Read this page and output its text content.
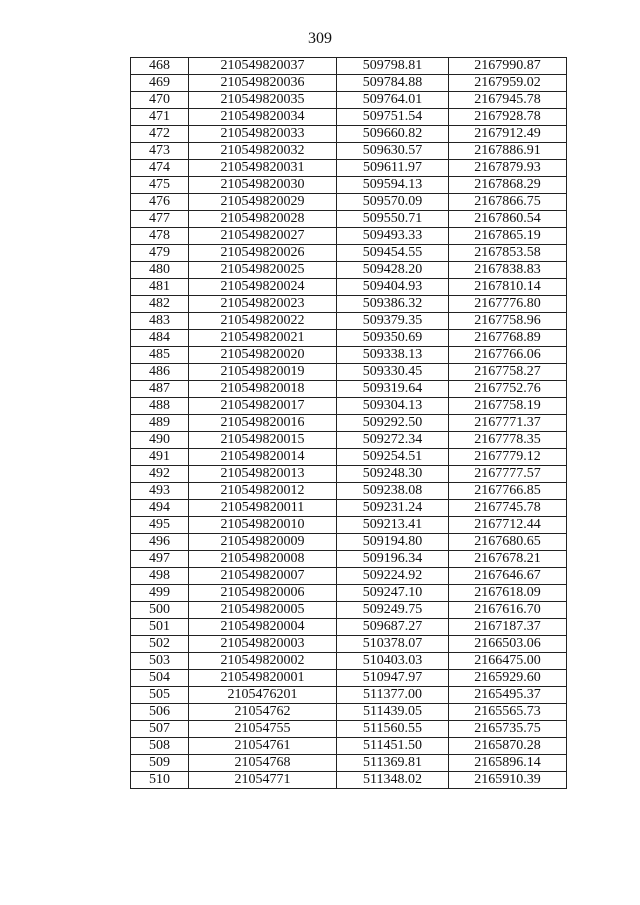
309
468	210549820037	509798.81	2167990.87
469	210549820036	509784.88	2167959.02
470	210549820035	509764.01	2167945.78
471	210549820034	509751.54	2167928.78
472	210549820033	509660.82	2167912.49
473	210549820032	509630.57	2167886.91
474	210549820031	509611.97	2167879.93
475	210549820030	509594.13	2167868.29
476	210549820029	509570.09	2167866.75
477	210549820028	509550.71	2167860.54
478	210549820027	509493.33	2167865.19
479	210549820026	509454.55	2167853.58
480	210549820025	509428.20	2167838.83
481	210549820024	509404.93	2167810.14
482	210549820023	509386.32	2167776.80
483	210549820022	509379.35	2167758.96
484	210549820021	509350.69	2167768.89
485	210549820020	509338.13	2167766.06
486	210549820019	509330.45	2167758.27
487	210549820018	509319.64	2167752.76
488	210549820017	509304.13	2167758.19
489	210549820016	509292.50	2167771.37
490	210549820015	509272.34	2167778.35
491	210549820014	509254.51	2167779.12
492	210549820013	509248.30	2167777.57
493	210549820012	509238.08	2167766.85
494	210549820011	509231.24	2167745.78
495	210549820010	509213.41	2167712.44
496	210549820009	509194.80	2167680.65
497	210549820008	509196.34	2167678.21
498	210549820007	509224.92	2167646.67
499	210549820006	509247.10	2167618.09
500	210549820005	509249.75	2167616.70
501	210549820004	509687.27	2167187.37
502	210549820003	510378.07	2166503.06
503	210549820002	510403.03	2166475.00
504	210549820001	510947.97	2165929.60
505	2105476201	511377.00	2165495.37
506	21054762	511439.05	2165565.73
507	21054755	511560.55	2165735.75
508	21054761	511451.50	2165870.28
509	21054768	511369.81	2165896.14
510	21054771	511348.02	2165910.39
